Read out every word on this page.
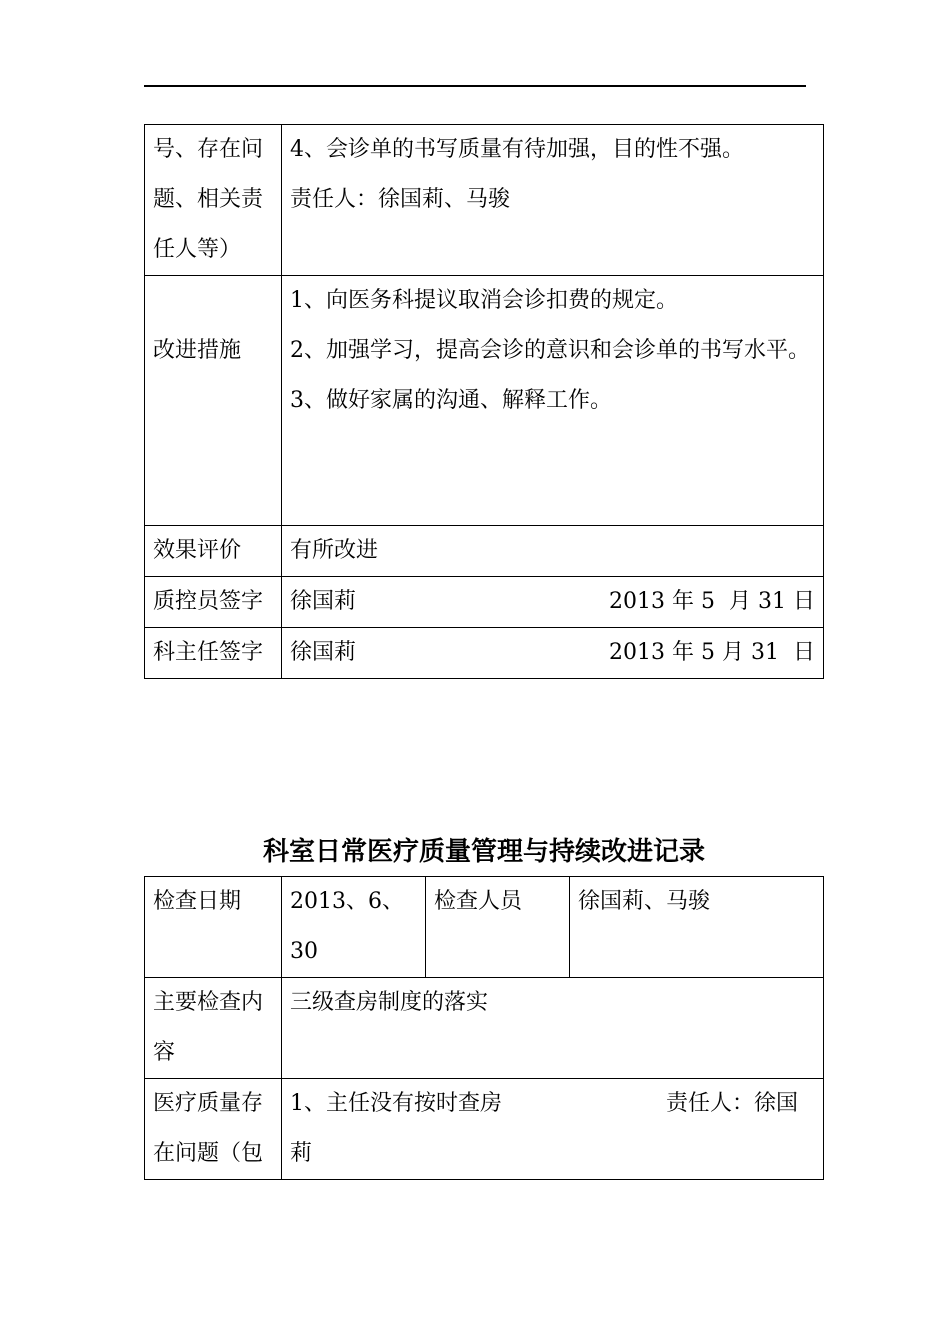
号、存在问题、相关责任人等）	4、会诊单的书写质量有待加强，目的性不强。
责任人：徐国莉、马骏

改进措施	1、向医务科提议取消会诊扣费的规定。
2、加强学习，提高会诊的意识和会诊单的书写水平。
3、做好家属的沟通、解释工作。

效果评价	有所改进
质控员签字	徐国莉 2013 年 5  月 31 日

科主任签字	徐国莉 2013 年 5 月 31  日
科室日常医疗质量管理与持续改进记录
检查日期	2013、6、30	检查人员	徐国莉、马骏
主要检查内容	三级查房制度的落实		
医疗质量存在问题（包	1、主任没有按时查房 责任人：徐国莉		
